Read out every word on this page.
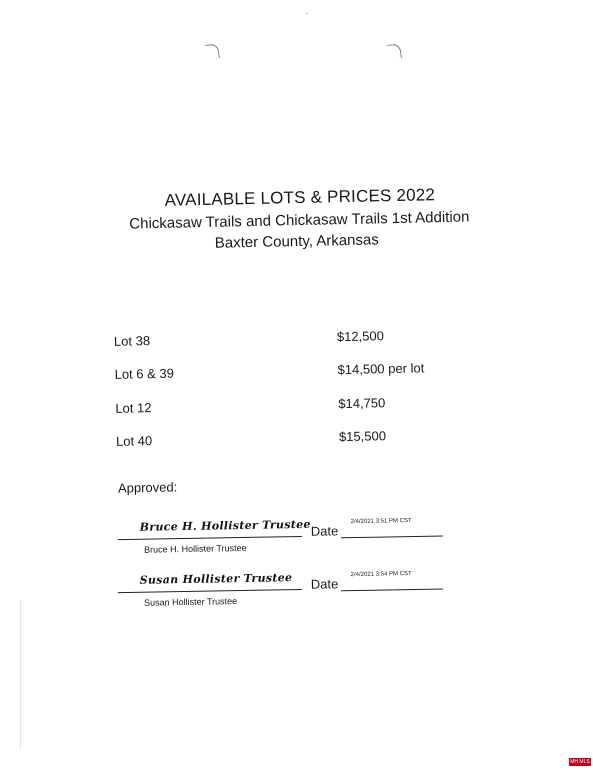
AVAILABLE LOTS & PRICES 2022
Chickasaw Trails and Chickasaw Trails 1st Addition
Baxter County, Arkansas
Lot 38	$12,500
Lot 6 & 39	$14,500 per lot
Lot 12	$14,750
Lot 40	$15,500
Approved:
Bruce H. Hollister Trustee
Bruce H. Hollister Trustee
Date
2/4/2021 3:51 PM CST
Susan Hollister Trustee
Susan Hollister Trustee
Date
2/4/2021 3:54 PM CST
MH MLS
